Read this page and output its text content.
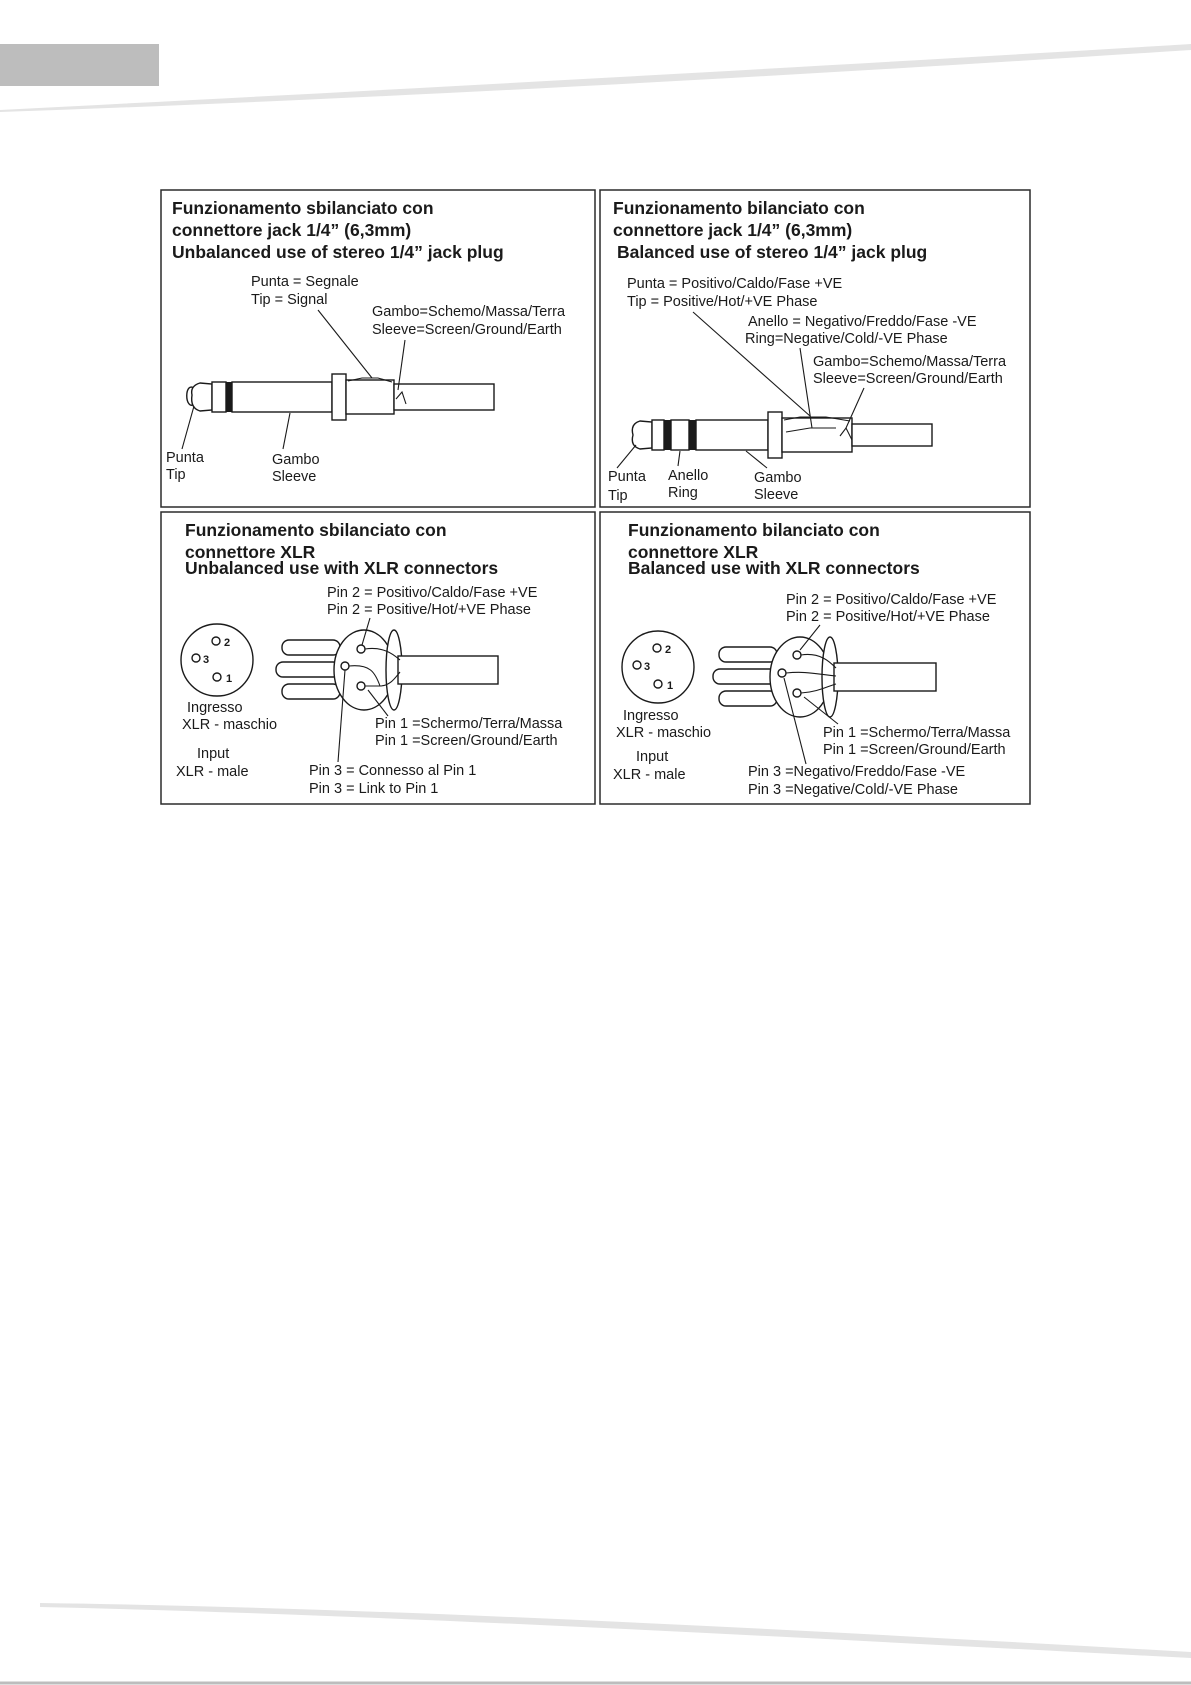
Funzionamento sbilanciato con
connettore jack 1/4” (6,3mm)
Unbalanced use of stereo 1/4” jack plug
Punta = Segnale
Tip = Signal
Gambo=Schemo/Massa/Terra
Sleeve=Screen/Ground/Earth
Punta
Tip
Gambo
Sleeve
Funzionamento bilanciato con
connettore jack 1/4” (6,3mm)
Balanced use of stereo 1/4” jack plug
Punta = Positivo/Caldo/Fase +VE
Tip = Positive/Hot/+VE Phase
Anello = Negativo/Freddo/Fase -VE
Ring=Negative/Cold/-VE Phase
Gambo=Schemo/Massa/Terra
Sleeve=Screen/Ground/Earth
Punta
Tip
Anello
Ring
Gambo
Sleeve
Funzionamento sbilanciato con
connettore XLR
Unbalanced use with XLR connectors
2
3
1
Ingresso
XLR - maschio
Input
XLR - male
Pin 2 = Positivo/Caldo/Fase +VE
Pin 2 = Positive/Hot/+VE Phase
Pin 1 =Schermo/Terra/Massa
Pin 1 =Screen/Ground/Earth
Pin 3 = Connesso al Pin 1
Pin 3 = Link to Pin 1
Funzionamento bilanciato con
connettore XLR
Balanced use with XLR connectors
2
3
1
Ingresso
XLR - maschio
Input
XLR - male
Pin 2 = Positivo/Caldo/Fase +VE
Pin 2 = Positive/Hot/+VE Phase
Pin 1 =Schermo/Terra/Massa
Pin 1 =Screen/Ground/Earth
Pin 3 =Negativo/Freddo/Fase -VE
Pin 3 =Negative/Cold/-VE Phase
